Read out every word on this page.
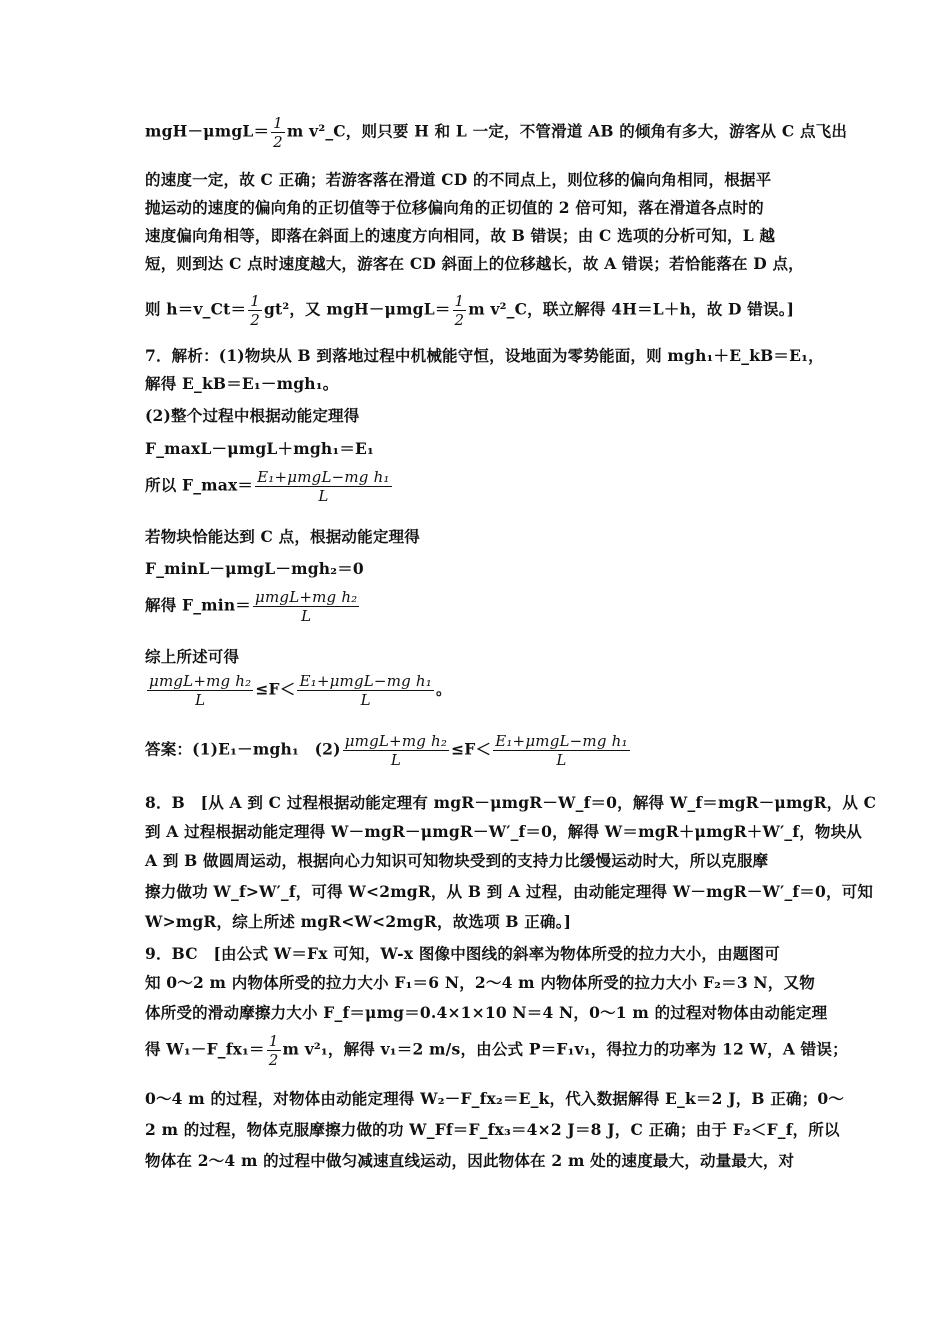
$mgH-\mu mgL= \frac{1}{2}$ m v²_C，则只要 H 和 L 一定，不管滑道 AB 的倾角有多大，游客从 C 点飞出
的速度一定，故 C 正确；若游客落在滑道 CD 的不同点上，则位移的偏向角相同，根据平
抛运动的速度的偏向角的正切值等于位移偏向角的正切值的 2 倍可知，落在滑道各点时的
速度偏向角相等，即落在斜面上的速度方向相同，故 B 错误；由 C 选项的分析可知，L 越
短，则到达 C 点时速度越大，游客在 CD 斜面上的位移越长，故 A 错误；若恰能落在 D 点，
则 h＝v_Ct＝ $\frac{1}{2} gt^2$，又 $mgH-\mu mgL= \frac{1}{2}$ m v²_C，联立解得 4H＝L＋h，故 D 错误。]
7．解析：(1)物块从 B 到落地过程中机械能守恒，设地面为零势能面，则 mgh₁＋E_kB＝E₁，
解得 E_kB＝E₁－mgh₁。
(2)整个过程中根据动能定理得
F_maxL－μmgL＋mgh₁＝E₁
所以 F_max＝ $\frac{\text{E₁+μmgL−mg h₁}}{L}$
若物块恰能达到 C 点，根据动能定理得
F_minL－μmgL－mgh₂＝0
解得 F_min＝ $\frac{\text{μmgL+mg h₂}}{L}$
综上所述可得
$\frac{\text{μmgL+mg h₂}}{L} \le F< \frac{\text{E₁+μmgL−mg h₁}}{L}$ 。
答案：(1)E₁－mgh₁　$(2) \frac{\text{μmgL+mg h₂}}{L} \le F< \frac{\text{E₁+μmgL−mg h₁}}{L}$
8．B　[从 A 到 C 过程根据动能定理有 mgR－μmgR－W_f＝0，解得 W_f＝mgR－μmgR，从 C
到 A 过程根据动能定理得 W－mgR－μmgR－W′_f＝0，解得 W＝mgR＋μmgR＋W′_f，物块从
A 到 B 做圆周运动，根据向心力知识可知物块受到的支持力比缓慢运动时大，所以克服摩
擦力做功 W_f>W′_f，可得 W<2mgR，从 B 到 A 过程，由动能定理得 W－mgR－W′_f＝0，可知
W>mgR，综上所述 mgR<W<2mgR，故选项 B 正确。]
9．BC　[由公式 W＝Fx 可知，W-x 图像中图线的斜率为物体所受的拉力大小，由题图可
知 0～2 m 内物体所受的拉力大小 F₁＝6 N，2～4 m 内物体所受的拉力大小 F₂＝3 N，又物
体所受的滑动摩擦力大小 F_f＝μmg＝0.4×1×10 N＝4 N，0～1 m 的过程对物体由动能定理
得 W₁－F_fx₁＝ $\frac{1}{2}$ m v²₁，解得 v₁＝2 m/s，由公式 P＝F₁v₁，得拉力的功率为 12 W，A 错误；
0～4 m 的过程，对物体由动能定理得 W₂－F_fx₂＝E_k，代入数据解得 E_k＝2 J，B 正确；0～
2 m 的过程，物体克服摩擦力做的功 W_Ff＝F_fx₃＝4×2 J＝8 J，C 正确；由于 F₂＜F_f，所以
物体在 2～4 m 的过程中做匀减速直线运动，因此物体在 2 m 处的速度最大，动量最大，对
